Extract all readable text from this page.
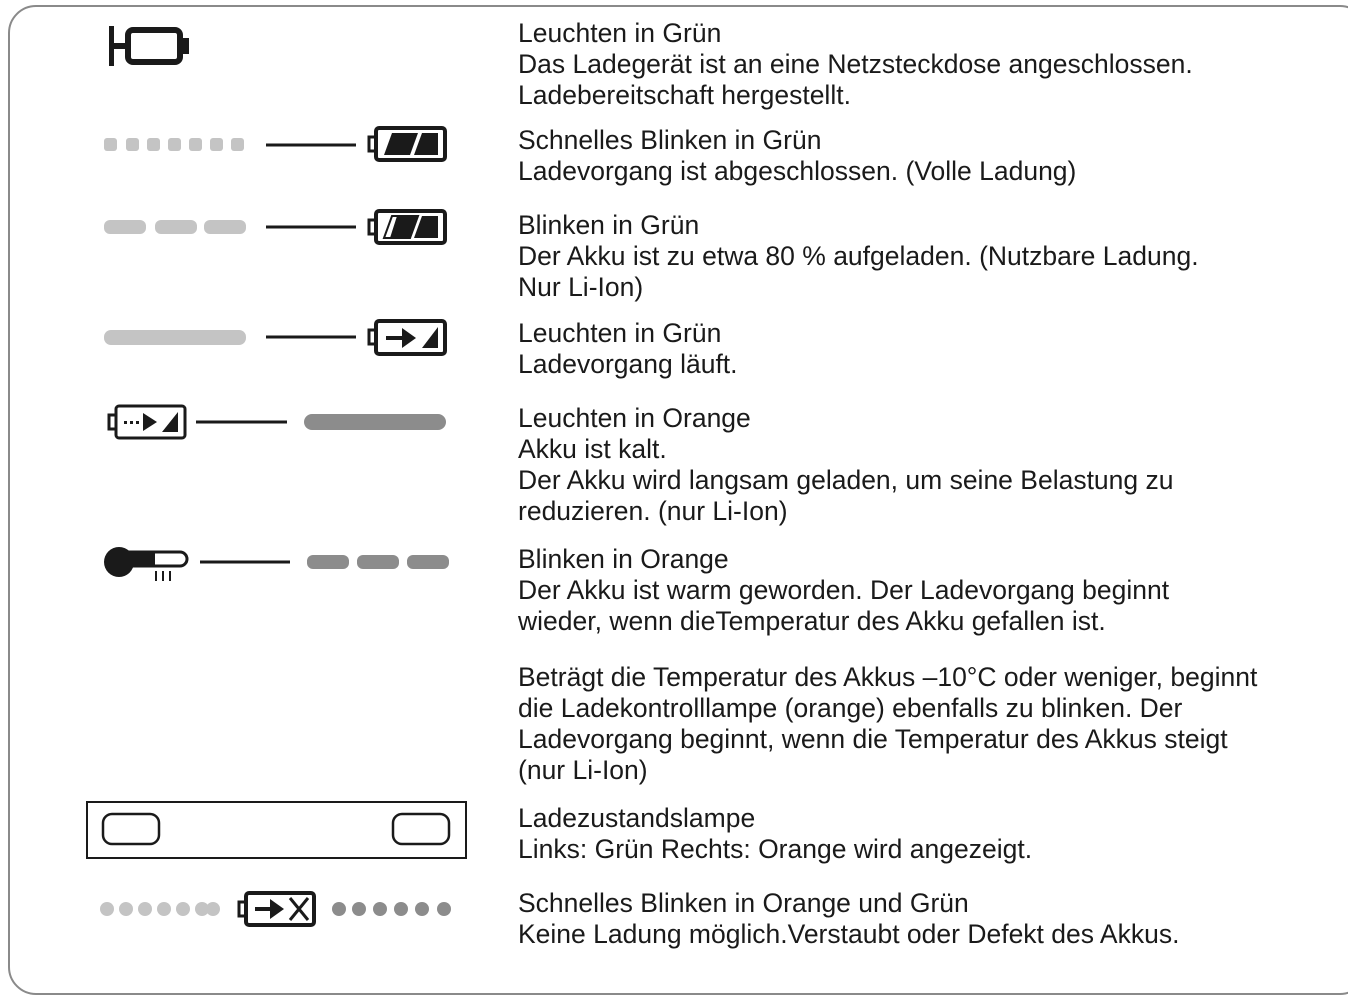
Leuchten in Grün
Das Ladegerät ist an eine Netzsteckdose angeschlossen.
Ladebereitschaft hergestellt.
Schnelles Blinken in Grün
Ladevorgang ist abgeschlossen. (Volle Ladung)
Blinken in Grün
Der Akku ist zu etwa 80 % aufgeladen. (Nutzbare Ladung.
Nur Li-Ion)
Leuchten in Grün
Ladevorgang läuft.
Leuchten in Orange
Akku ist kalt.
Der Akku wird langsam geladen, um seine Belastung zu
reduzieren. (nur Li-Ion)
Blinken in Orange
Der Akku ist warm geworden. Der Ladevorgang beginnt
wieder, wenn dieTemperatur des Akku gefallen ist.
Beträgt die Temperatur des Akkus –10°C oder weniger, beginnt
die Ladekontrolllampe (orange) ebenfalls zu blinken. Der
Ladevorgang beginnt, wenn die Temperatur des Akkus steigt
(nur Li-Ion)
Ladezustandslampe
Links: Grün Rechts: Orange wird angezeigt.
Schnelles Blinken in Orange und Grün
Keine Ladung möglich.Verstaubt oder Defekt des Akkus.
